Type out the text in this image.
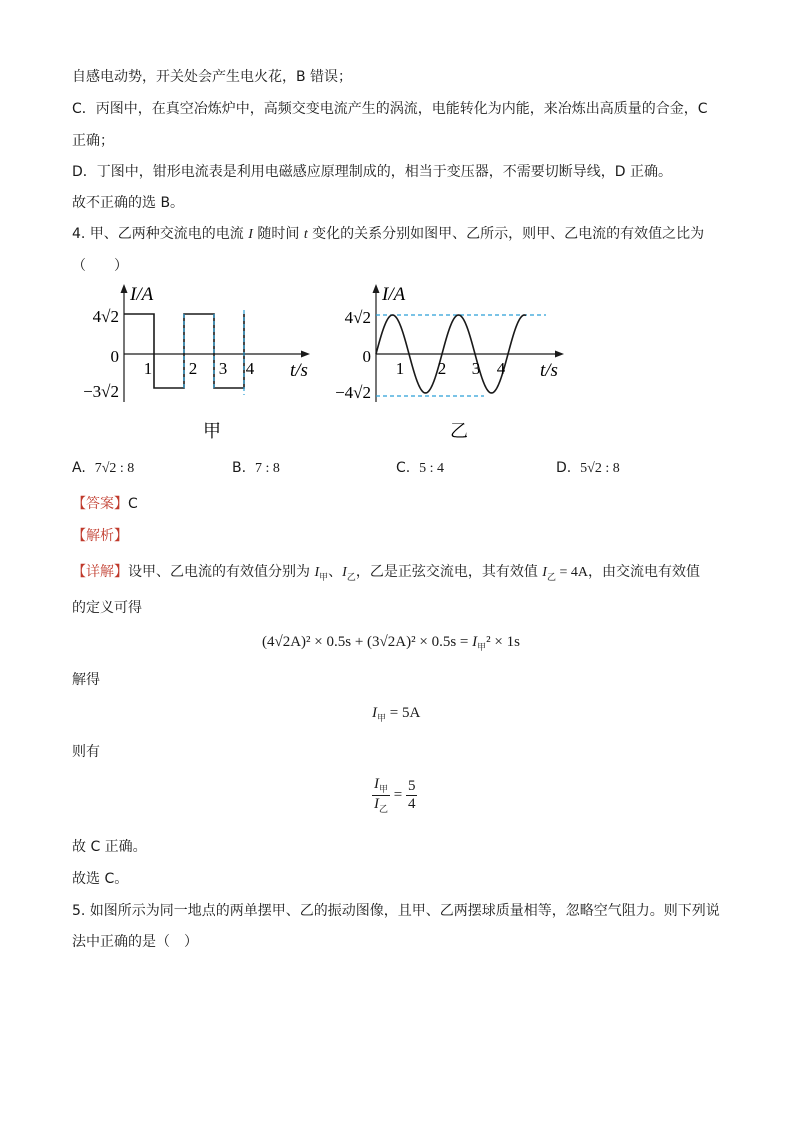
自感电动势，开关处会产生电火花，B 错误；
C．丙图中，在真空冶炼炉中，高频交变电流产生的涡流，电能转化为内能，来冶炼出高质量的合金，C
正确；
D．丁图中，钳形电流表是利用电磁感应原理制成的，相当于变压器，不需要切断导线，D 正确。
故不正确的选 B。
4. 甲、乙两种交流电的电流 I 随时间 t 变化的关系分别如图甲、乙所示，则甲、乙电流的有效值之比为
（　　）
I/A
t/s
4√2
0
−3√2
1 2 3 4
甲
I/A
t/s
4√2
0
−4√2
1 2 3 4
乙
A. 7√2 : 8	B. 7 : 8	C. 5 : 4	D. 5√2 : 8
【答案】C
【解析】
【详解】设甲、乙电流的有效值分别为 $I_甲$、$I_乙$，乙是正弦交流电，其有效值 $I_乙 = 4A$，由交流电有效值
的定义可得
$(4√2A)^2 \times 0.5s + (3√2A)^2 \times 0.5s = I_甲^2 \times 1s$
解得
$I_甲 = 5A$
则有
$\frac{I_甲}{I_乙} = \frac{5}{4}$
故 C 正确。
故选 C。
5. 如图所示为同一地点的两单摆甲、乙的振动图像，且甲、乙两摆球质量相等，忽略空气阻力。则下列说
法中正确的是（　）
